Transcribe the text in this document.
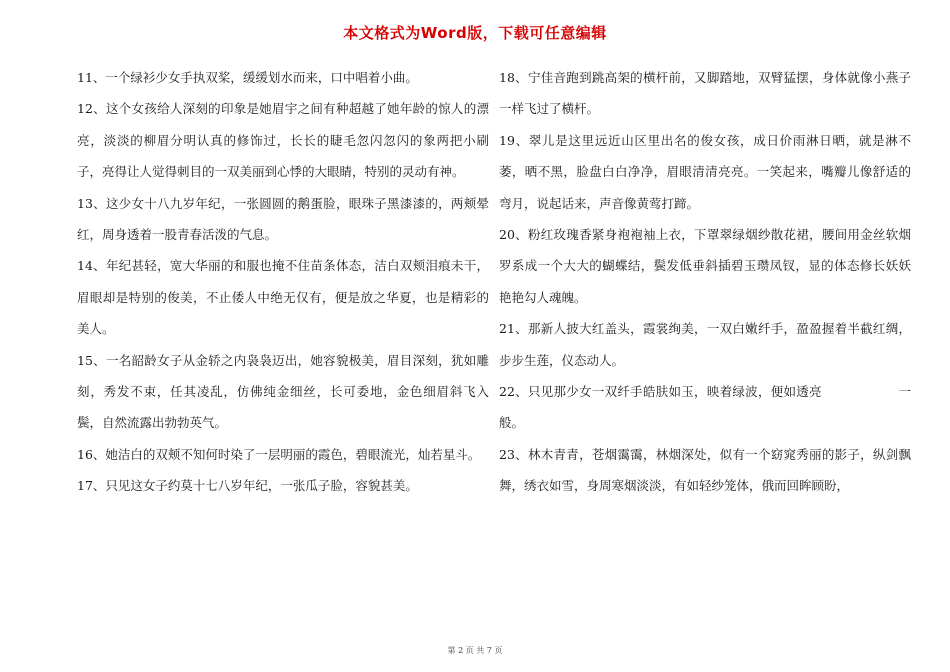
本文格式为Word版，下载可任意编辑

11、一个绿衫少女手执双桨，缓缓划水而来，口中唱着小曲。

12、这个女孩给人深刻的印象是她眉宇之间有种超越了她年龄的惊人的漂亮，淡淡的柳眉分明认真的修饰过，长长的睫毛忽闪忽闪的象两把小刷子，亮得让人觉得刺目的一双美丽到心悸的大眼睛，特别的灵动有神。

13、这少女十八九岁年纪，一张圆圆的鹅蛋脸，眼珠子黑漆漆的，两颊晕红，周身透着一股青春活泼的气息。

14、年纪甚轻，宽大华丽的和服也掩不住苗条体态，洁白双颊泪痕未干，眉眼却是特别的俊美，不止倭人中绝无仅有，便是放之华夏，也是精彩的美人。

15、一名韶龄女子从金轿之内袅袅迈出，她容貌极美，眉目深刻，犹如雕刻，秀发不束，任其凌乱，仿佛纯金细丝，长可委地，金色细眉斜飞入鬓，自然流露出勃勃英气。

16、她洁白的双颊不知何时染了一层明丽的霞色，碧眼流光，灿若星斗。

17、只见这女子约莫十七八岁年纪，一张瓜子脸，容貌甚美。

18、宁佳音跑到跳高架的横杆前，又脚踏地，双臂猛摆，身体就像小燕子一样飞过了横杆。

19、翠儿是这里远近山区里出名的俊女孩，成日价雨淋日晒，就是淋不萎，晒不黑，脸盘白白净净，眉眼清清亮亮。一笑起来，嘴瓣儿像舒适的弯月，说起话来，声音像黄莺打蹄。

20、粉红玫瑰香紧身袍袍袖上衣，下罩翠绿烟纱散花裙，腰间用金丝软烟罗系成一个大大的蝴蝶结，鬓发低垂斜插碧玉瓒凤钗，显的体态修长妖妖艳艳勾人魂魄。

21、那新人披大红盖头，霞裳绚美，一双白嫩纤手，盈盈握着半截红绸，步步生莲，仪态动人。

22、只见那少女一双纤手皓肤如玉，映着绿波，便如透亮　　　　　　一般。

23、林木青青，苍烟霭霭，林烟深处，似有一个窈窕秀丽的影子，纵剑飘舞，绣衣如雪，身周寒烟淡淡，有如轻纱笼体，俄而回眸顾盼，

第 2 页 共 7 页
